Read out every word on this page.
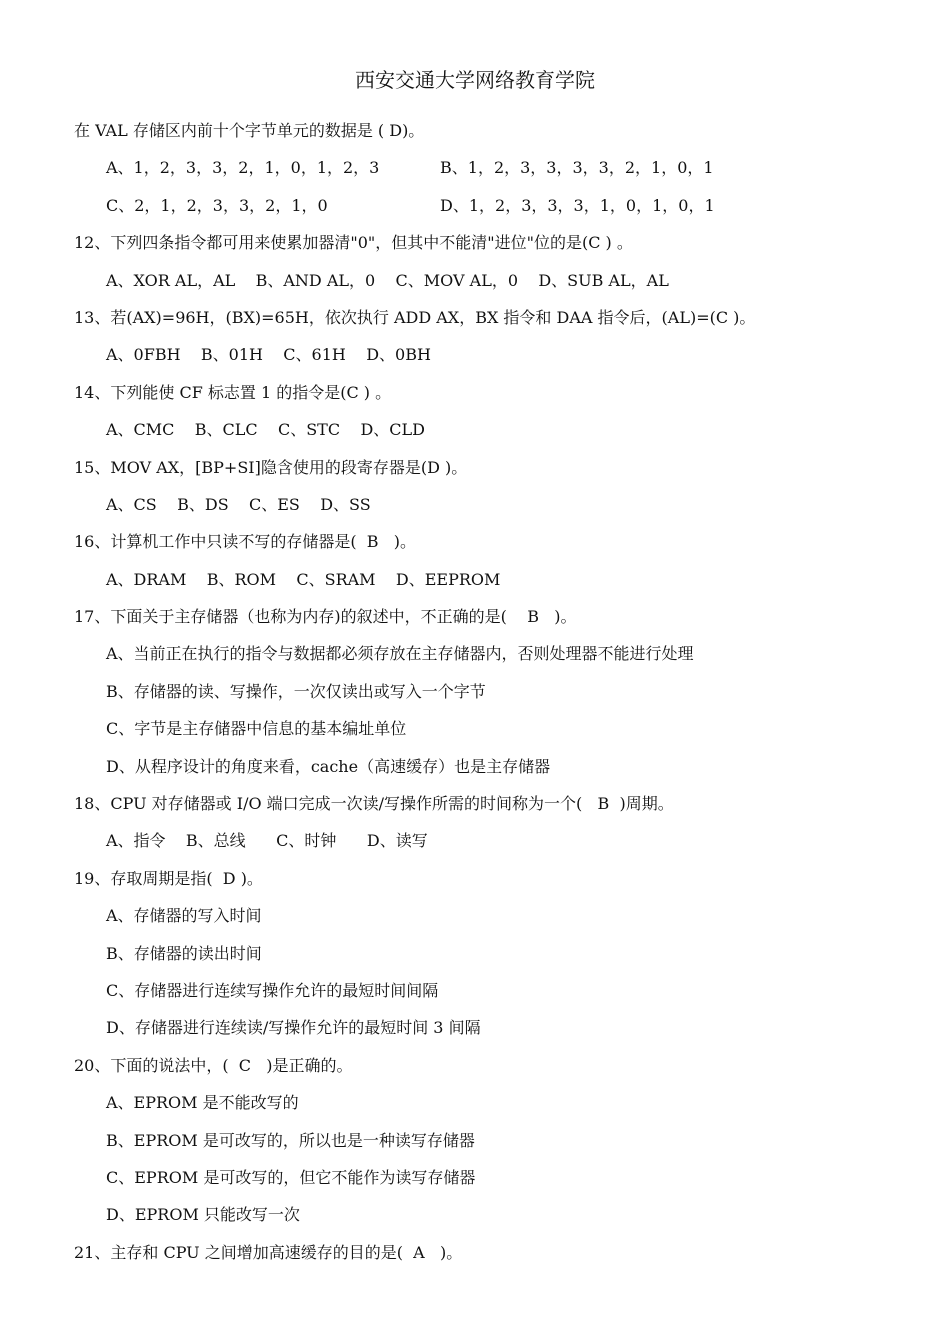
西安交通大学网络教育学院
在 VAL 存储区内前十个字节单元的数据是 ( D)。
A、1，2，3，3，2，1，0，1，2，3	B、1，2，3，3，3，3，2，1，0，1
C、2，1，2，3，3，2，1，0	D、1，2，3，3，3，1，0，1，0，1
12、下列四条指令都可用来使累加器清"0"，但其中不能清"进位"位的是(C ) 。
A、XOR AL，AL    B、AND AL，0    C、MOV AL，0    D、SUB AL，AL
13、若(AX)=96H，(BX)=65H，依次执行 ADD AX，BX 指令和 DAA 指令后，(AL)=(C )。
A、0FBH    B、01H    C、61H    D、0BH
14、下列能使 CF 标志置 1 的指令是(C ) 。
A、CMC    B、CLC    C、STC    D、CLD
15、MOV AX，[BP+SI]隐含使用的段寄存器是(D )。
A、CS    B、DS    C、ES    D、SS
16、计算机工作中只读不写的存储器是(  B   )。
A、DRAM    B、ROM    C、SRAM    D、EEPROM
17、下面关于主存储器（也称为内存)的叙述中，不正确的是(    B   )。
A、当前正在执行的指令与数据都必须存放在主存储器内，否则处理器不能进行处理
B、存储器的读、写操作，一次仅读出或写入一个字节
C、字节是主存储器中信息的基本编址单位
D、从程序设计的角度来看，cache（高速缓存）也是主存储器
18、CPU 对存储器或 I/O 端口完成一次读/写操作所需的时间称为一个(   B  )周期。
A、指令    B、总线      C、时钟      D、读写
19、存取周期是指(  D )。
A、存储器的写入时间
B、存储器的读出时间
C、存储器进行连续写操作允许的最短时间间隔
D、存储器进行连续读/写操作允许的最短时间 3 间隔
20、下面的说法中，(  C   )是正确的。
A、EPROM 是不能改写的
B、EPROM 是可改写的，所以也是一种读写存储器
C、EPROM 是可改写的，但它不能作为读写存储器
D、EPROM 只能改写一次
21、主存和 CPU 之间增加高速缓存的目的是(  A   )。
